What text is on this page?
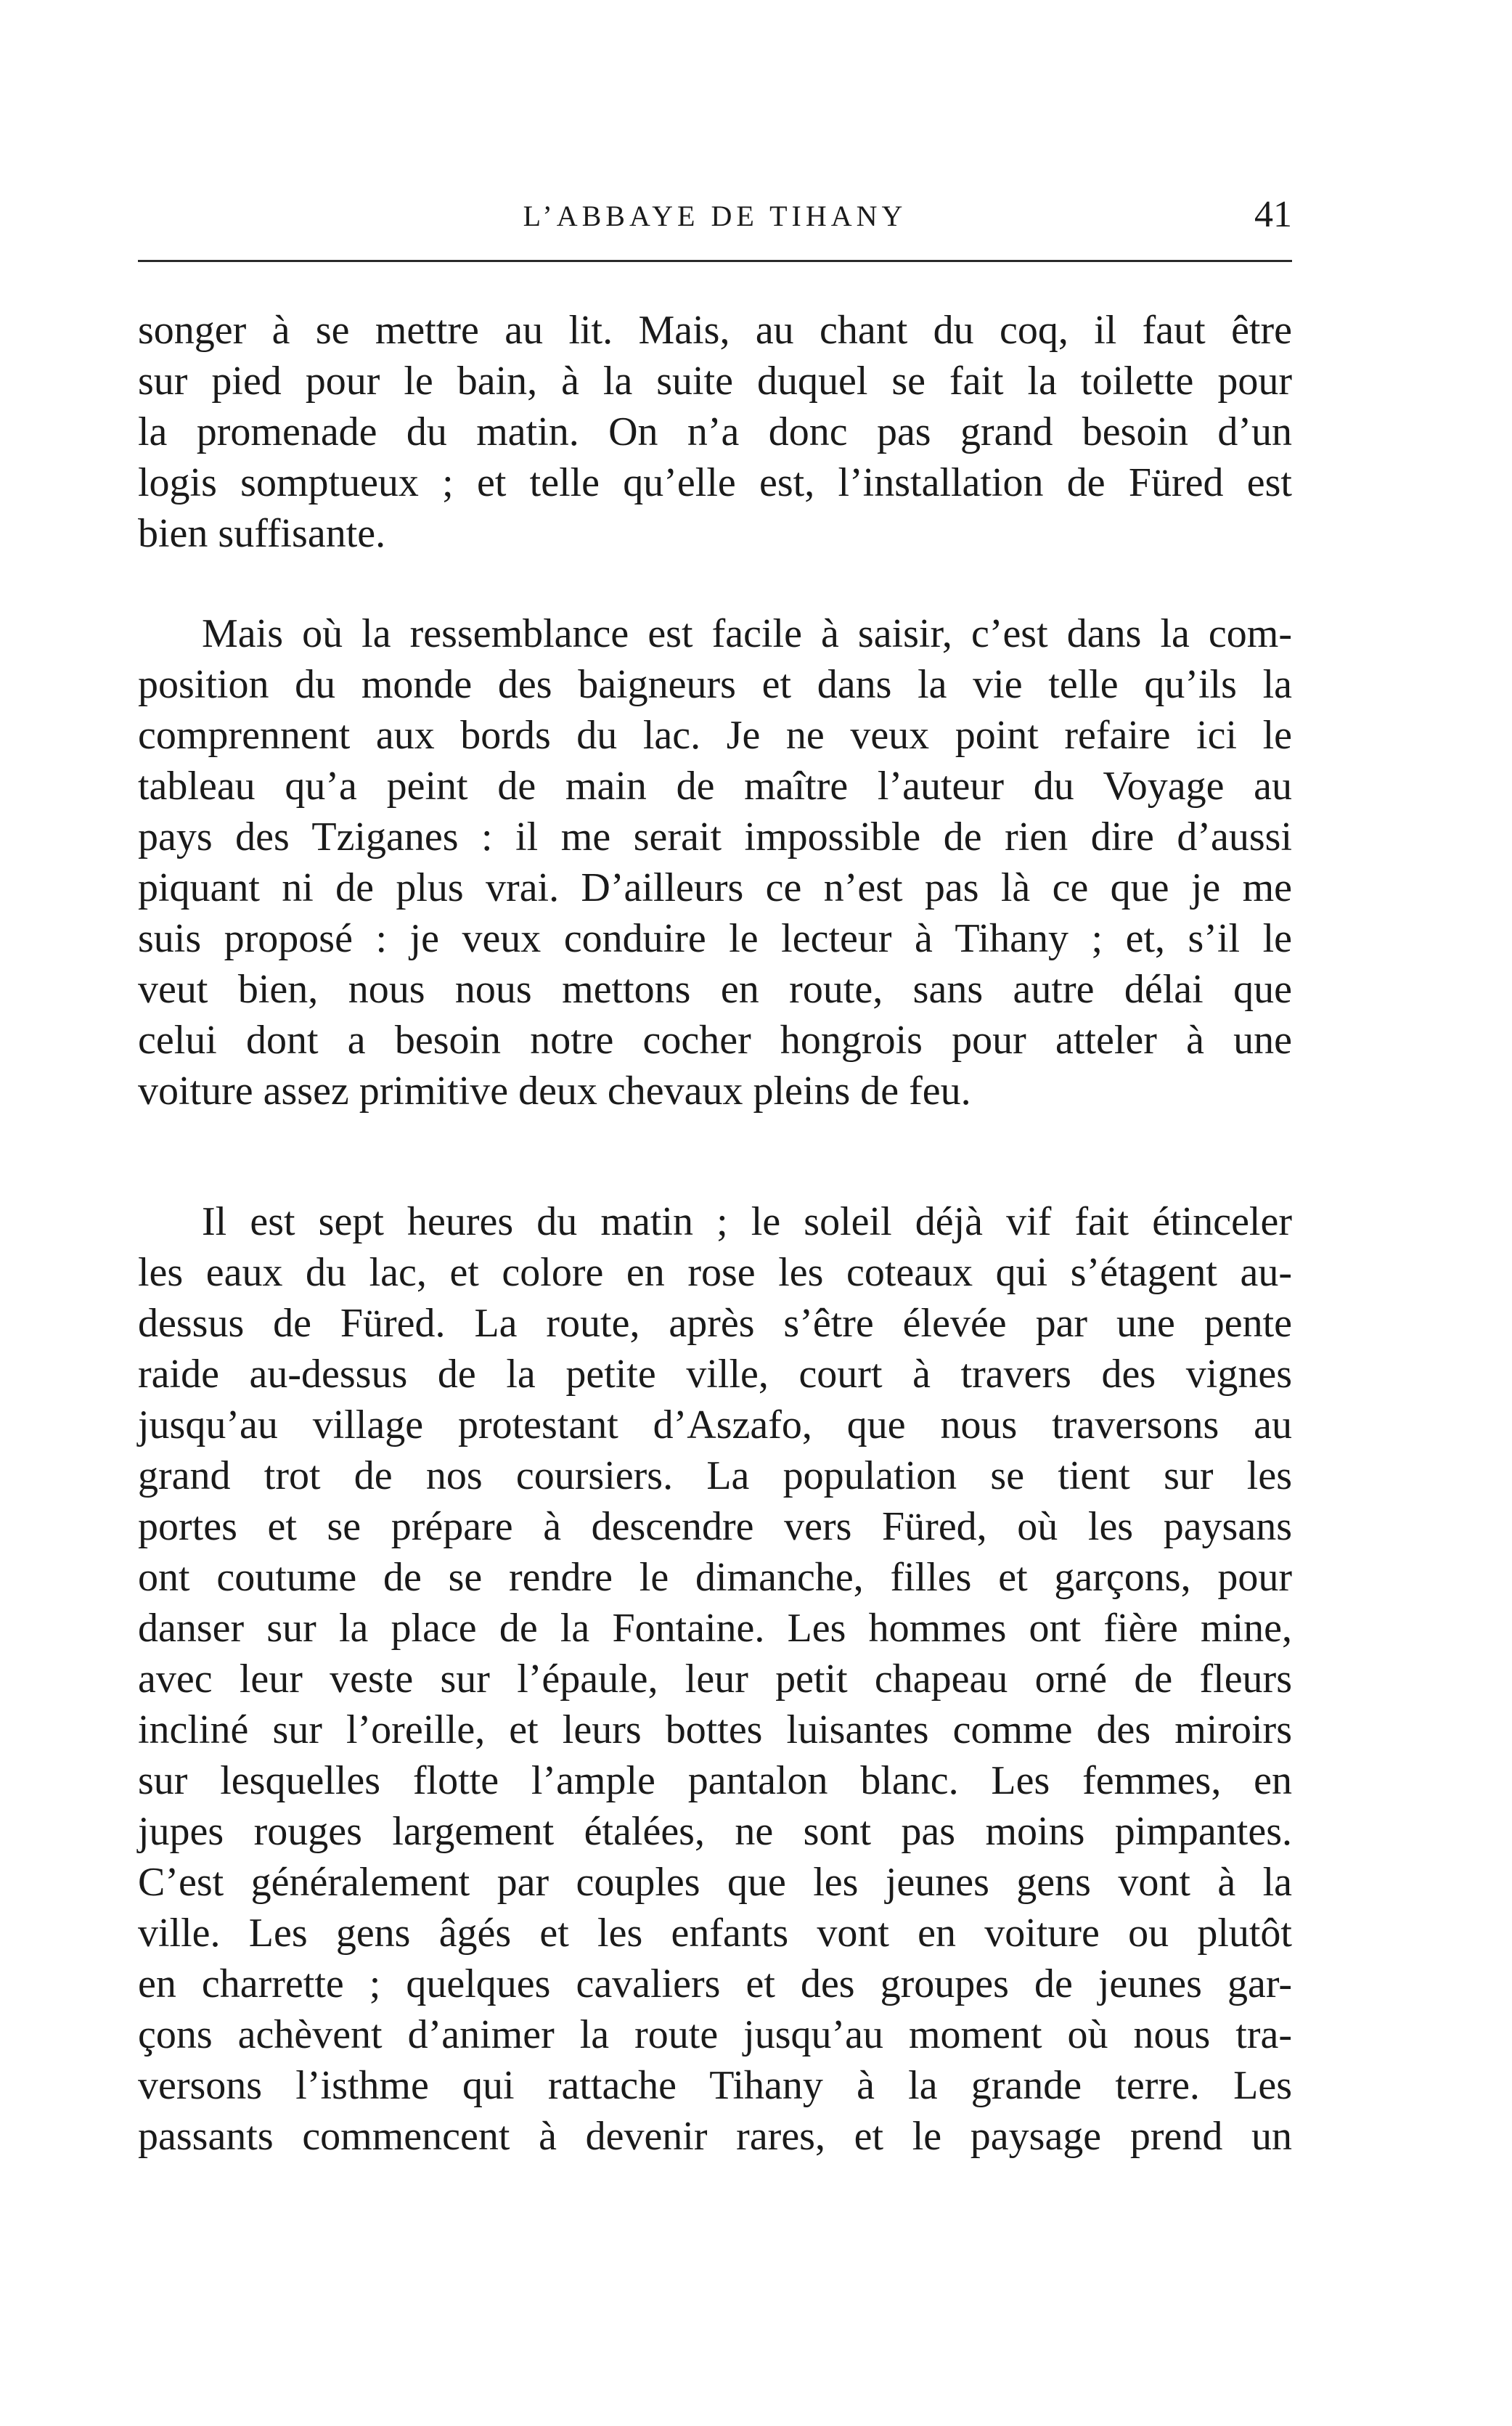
L’ABBAYE DE TIHANY	41

songer à se mettre au lit. Mais, au chant du coq, il faut être
sur pied pour le bain, à la suite duquel se fait la toilette pour
la promenade du matin. On n’a donc pas grand besoin d’un
logis somptueux ; et telle qu’elle est, l’installation de Füred est
bien suffisante.

Mais où la ressemblance est facile à saisir, c’est dans la com-
position du monde des baigneurs et dans la vie telle qu’ils la
comprennent aux bords du lac. Je ne veux point refaire ici le
tableau qu’a peint de main de maître l’auteur du Voyage au
pays des Tziganes : il me serait impossible de rien dire d’aussi
piquant ni de plus vrai. D’ailleurs ce n’est pas là ce que je me
suis proposé : je veux conduire le lecteur à Tihany ; et, s’il le
veut bien, nous nous mettons en route, sans autre délai que
celui dont a besoin notre cocher hongrois pour atteler à une
voiture assez primitive deux chevaux pleins de feu.

Il est sept heures du matin ; le soleil déjà vif fait étinceler
les eaux du lac, et colore en rose les coteaux qui s’étagent au-
dessus de Füred. La route, après s’être élevée par une pente
raide au-dessus de la petite ville, court à travers des vignes
jusqu’au village protestant d’Aszafo, que nous traversons au
grand trot de nos coursiers. La population se tient sur les
portes et se prépare à descendre vers Füred, où les paysans
ont coutume de se rendre le dimanche, filles et garçons, pour
danser sur la place de la Fontaine. Les hommes ont fière mine,
avec leur veste sur l’épaule, leur petit chapeau orné de fleurs
incliné sur l’oreille, et leurs bottes luisantes comme des miroirs
sur lesquelles flotte l’ample pantalon blanc. Les femmes, en
jupes rouges largement étalées, ne sont pas moins pimpantes.
C’est généralement par couples que les jeunes gens vont à la
ville. Les gens âgés et les enfants vont en voiture ou plutôt
en charrette ; quelques cavaliers et des groupes de jeunes gar-
çons achèvent d’animer la route jusqu’au moment où nous tra-
versons l’isthme qui rattache Tihany à la grande terre. Les
passants commencent à devenir rares, et le paysage prend un
